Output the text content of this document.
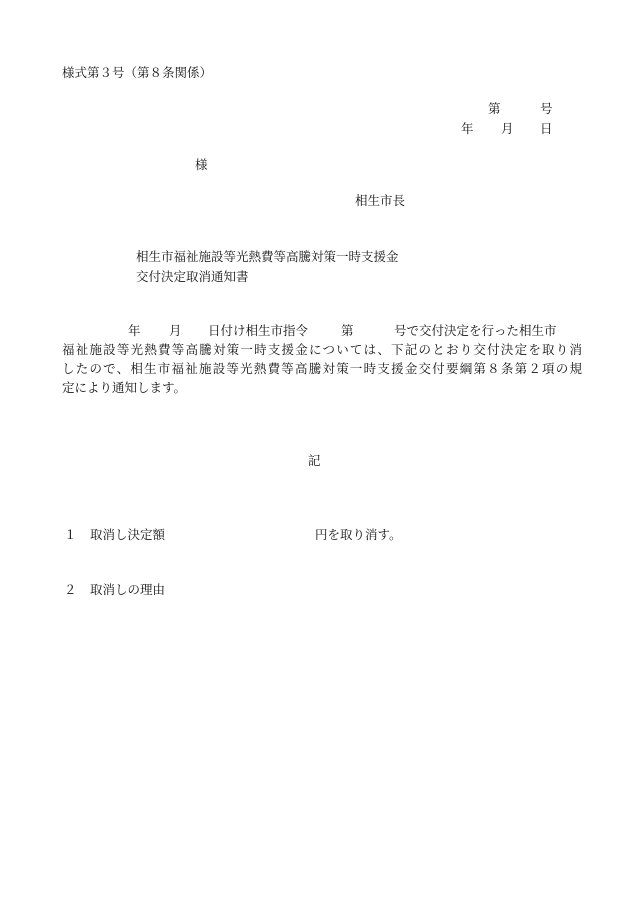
様式第３号（第８条関係）
第	号
年 月 日
様
相生市長
相生市福祉施設等光熱費等高騰対策一時支援金
交付決定取消通知書
年 月 日付け相生市指令	第	号で交付決定を行った相生市
福祉施設等光熱費等高騰対策一時支援金については、下記のとおり交付決定を取り消
したので、相生市福祉施設等光熱費等高騰対策一時支援金交付要綱第８条第２項の規
定により通知します。
記
１ 取消し決定額	円を取り消す。
２ 取消しの理由
